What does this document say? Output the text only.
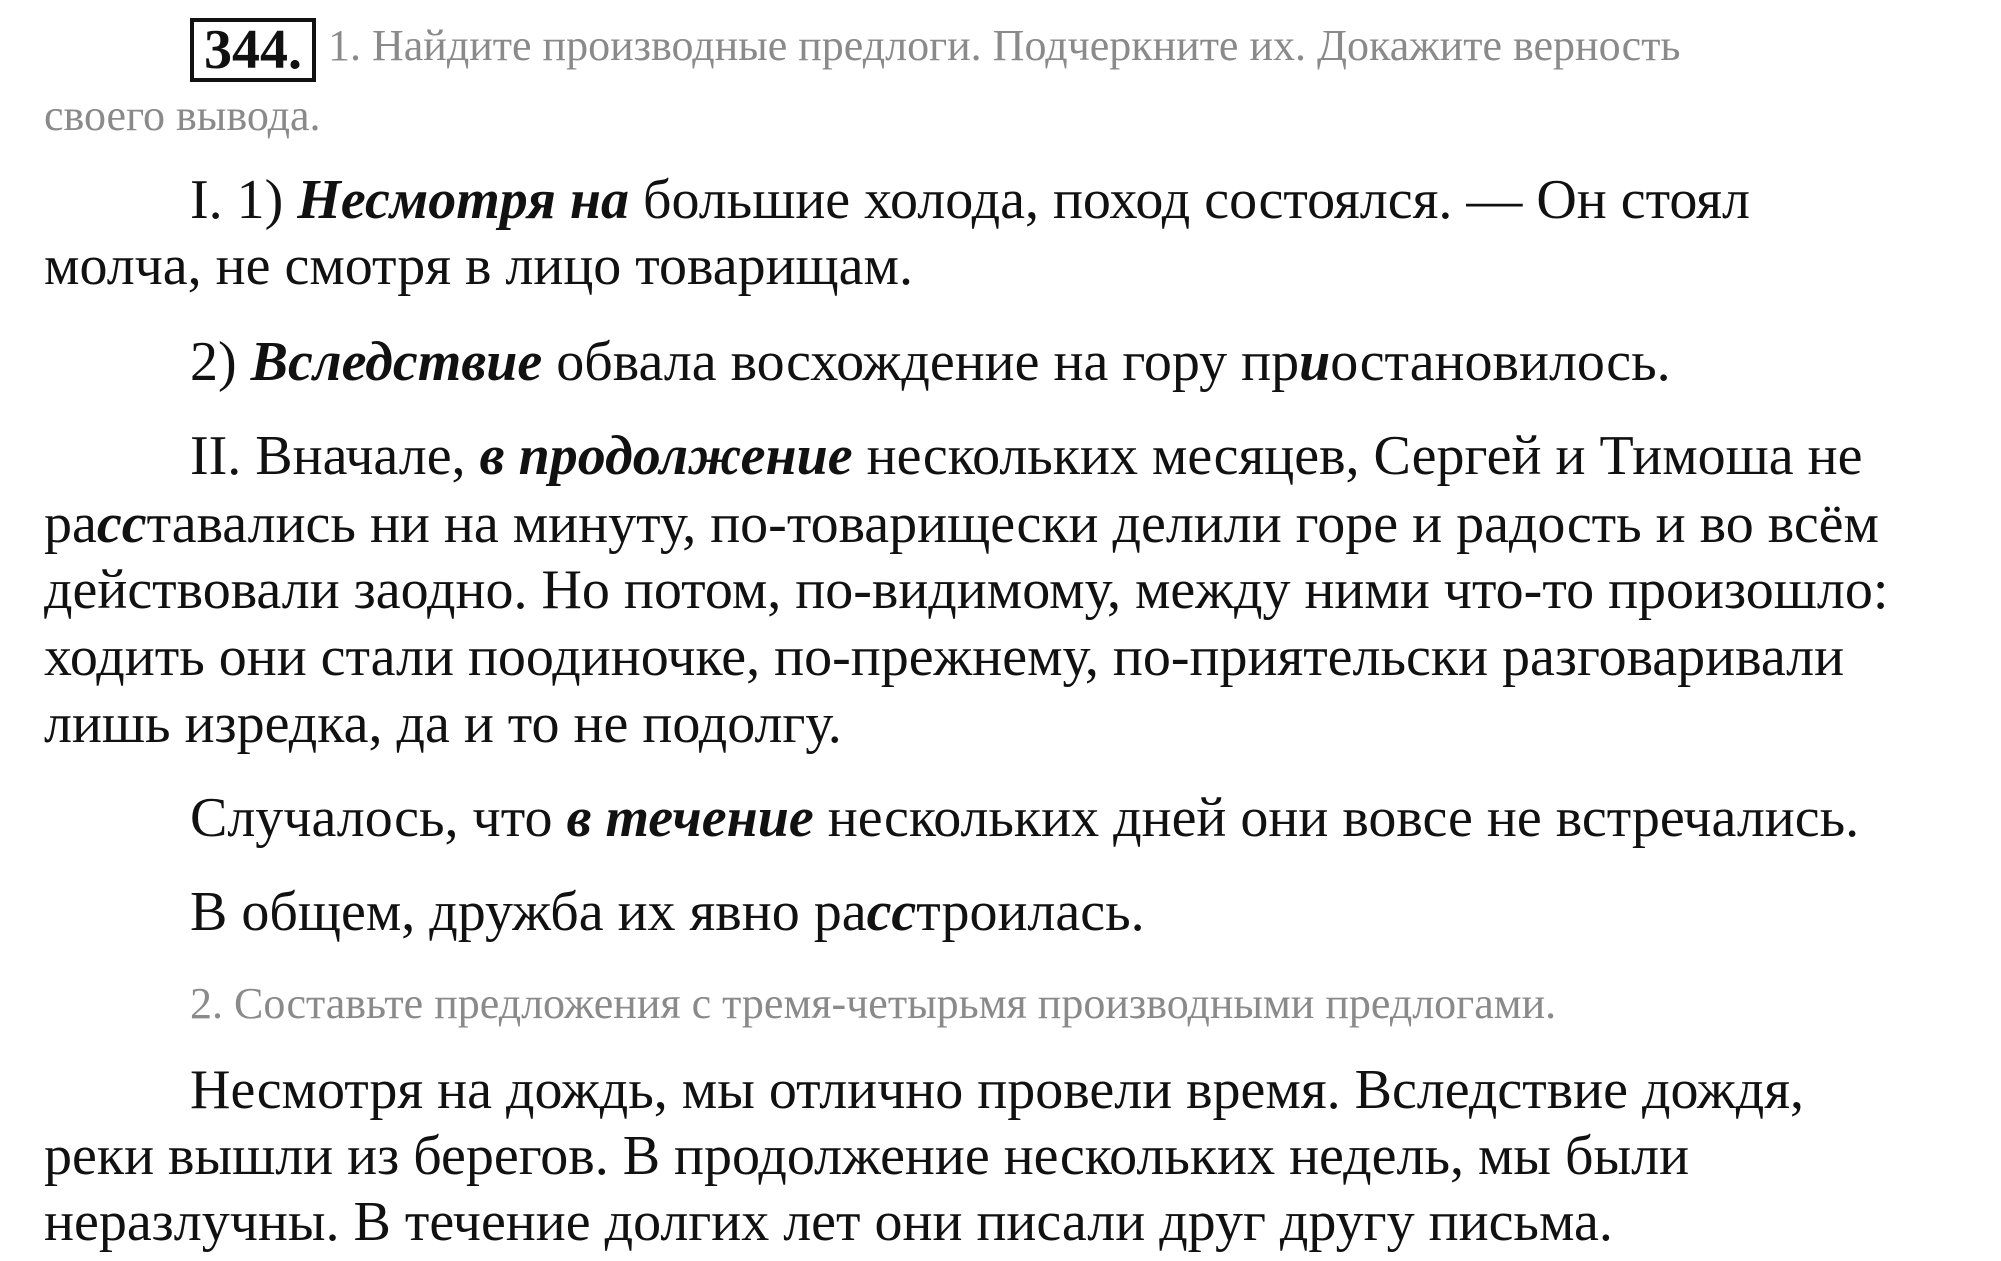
344. 1. Найдите производные предлоги. Подчеркните их. Докажите верность

своего вывода.

I. 1) Несмотря на большие холода, поход состоялся. — Он стоял

молча, не смотря в лицо товарищам.

2) Вследствие обвала восхождение на гору приостановилось.

II. Вначале, в продолжение нескольких месяцев, Сергей и Тимоша не

расставались ни на минуту, по-товарищески делили горе и радость и во всём

действовали заодно. Но потом, по-видимому, между ними что-то произошло:

ходить они стали поодиночке, по-прежнему, по-приятельски разговаривали

лишь изредка, да и то не подолгу.

Случалось, что в течение нескольких дней они вовсе не встречались.

В общем, дружба их явно расстроилась.

2. Составьте предложения с тремя-четырьмя производными предлогами.

Несмотря на дождь, мы отлично провели время. Вследствие дождя,

реки вышли из берегов. В продолжение нескольких недель, мы были

неразлучны. В течение долгих лет они писали друг другу письма.
